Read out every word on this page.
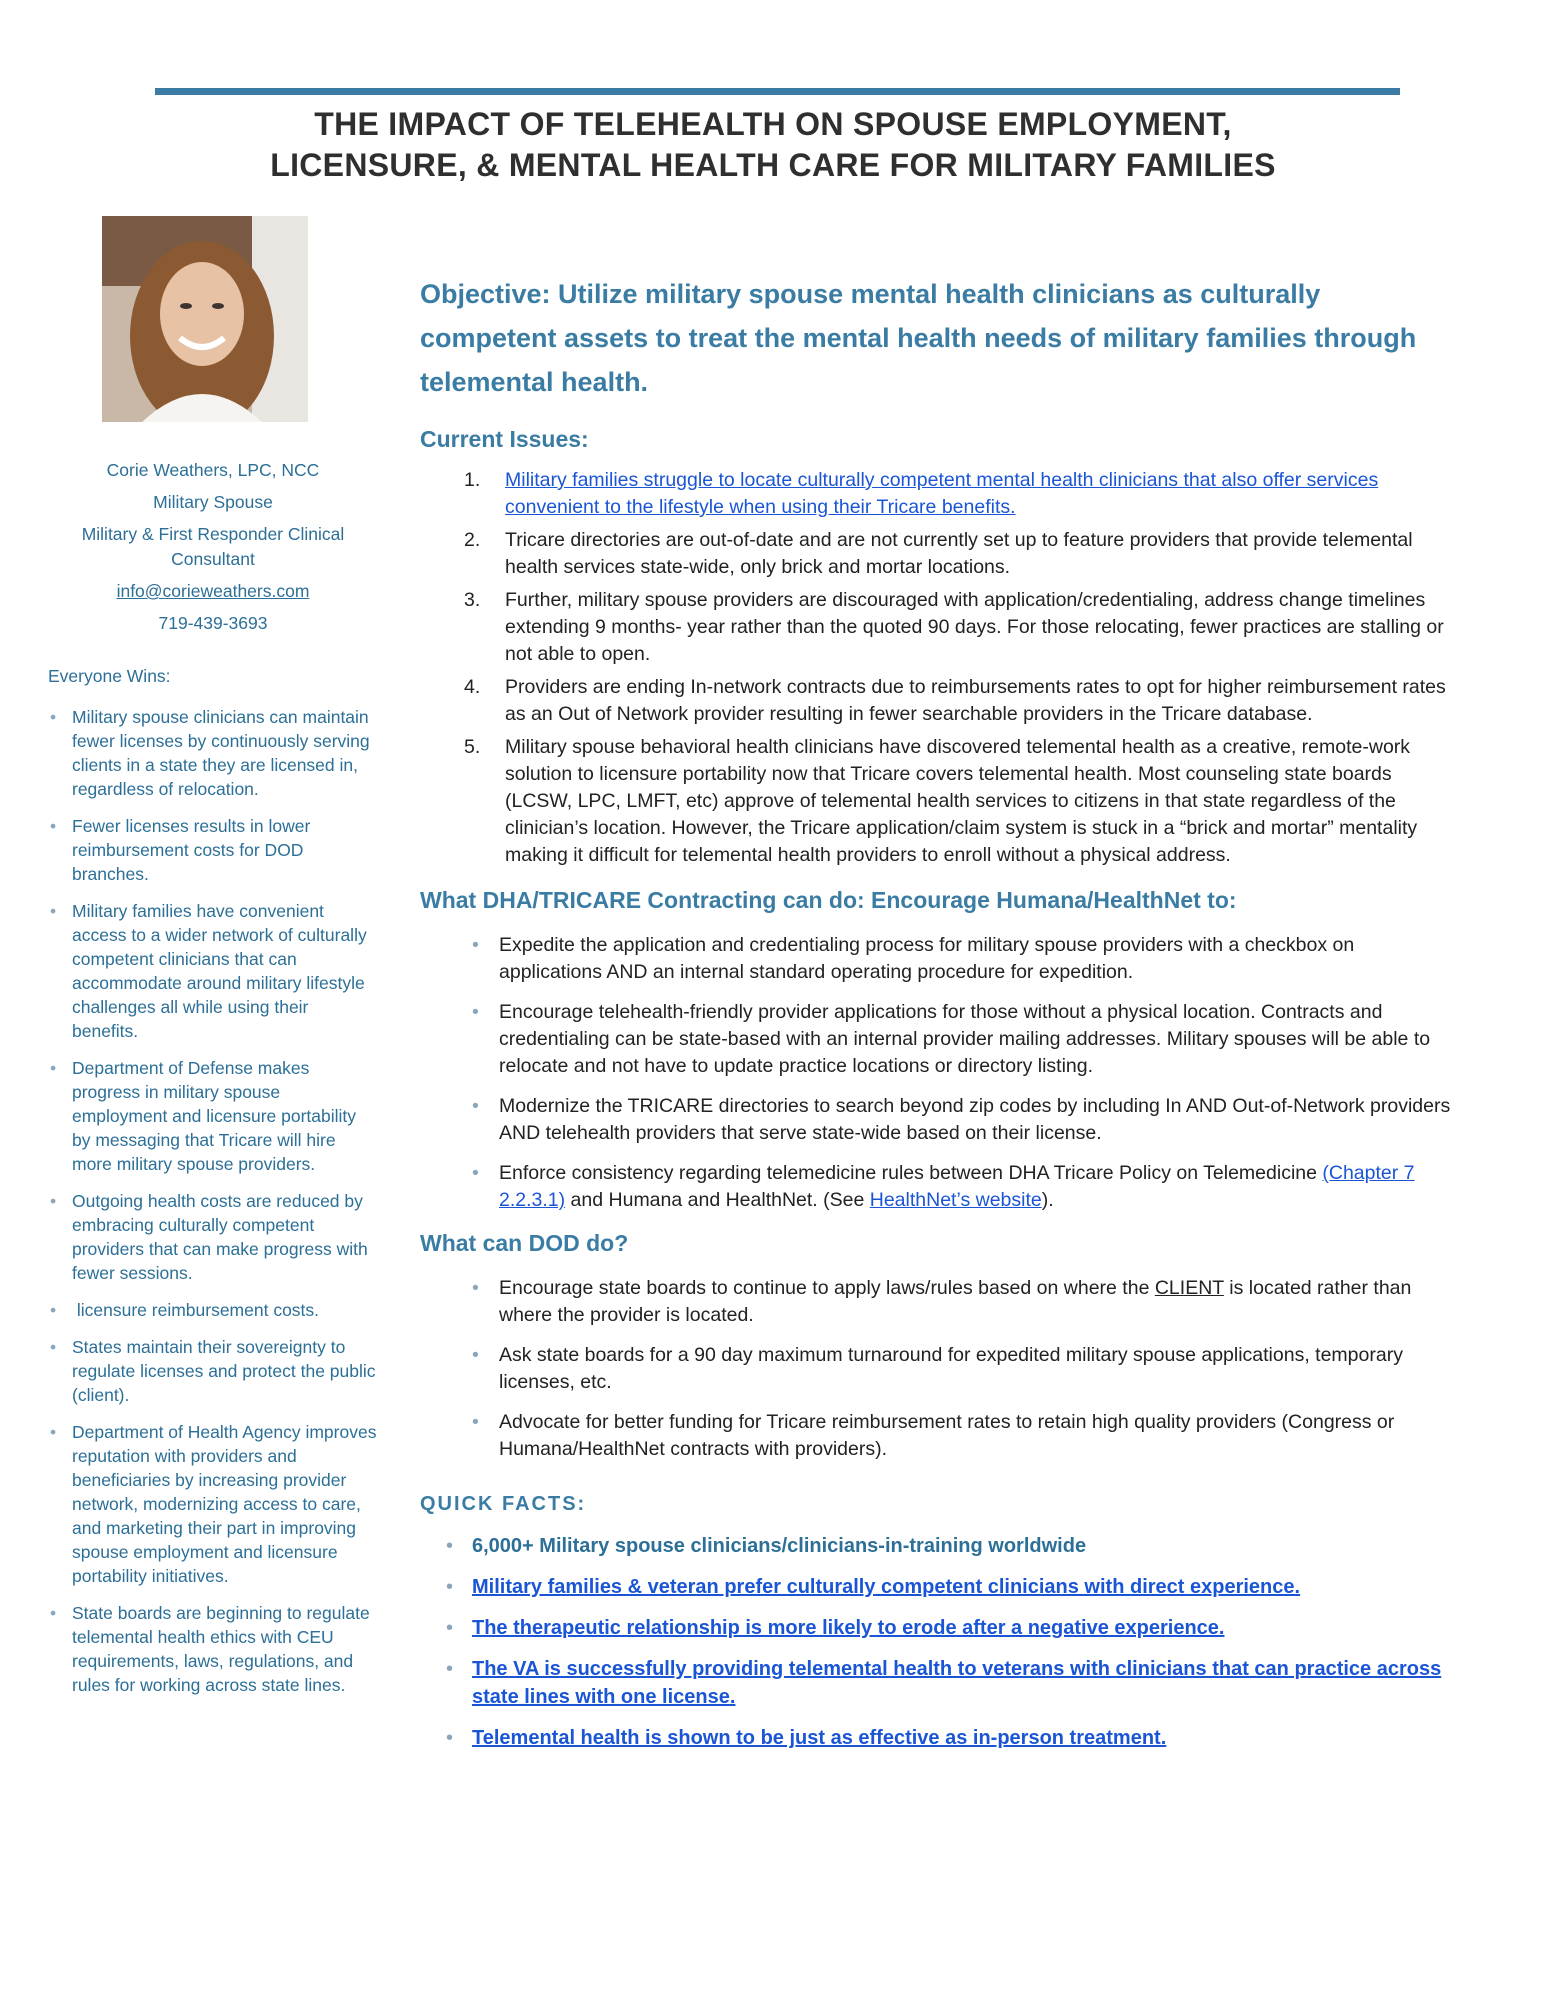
THE IMPACT OF TELEHEALTH ON SPOUSE EMPLOYMENT,
LICENSURE, & MENTAL HEALTH CARE FOR MILITARY FAMILIES
Corie Weathers, LPC, NCC
Military Spouse
Military & First Responder Clinical Consultant
info@corieweathers.com
719-439-3693
Everyone Wins:
• Military spouse clinicians can maintain fewer licenses by continuously serving clients in a state they are licensed in, regardless of relocation.
• Fewer licenses results in lower reimbursement costs for DOD branches.
• Military families have convenient access to a wider network of culturally competent clinicians that can accommodate around military lifestyle challenges all while using their benefits.
• Department of Defense makes progress in military spouse employment and licensure portability by messaging that Tricare will hire more military spouse providers.
• Outgoing health costs are reduced by embracing culturally competent providers that can make progress with fewer sessions.
• licensure reimbursement costs.
• States maintain their sovereignty to regulate licenses and protect the public (client).
• Department of Health Agency improves reputation with providers and beneficiaries by increasing provider network, modernizing access to care, and marketing their part in improving spouse employment and licensure portability initiatives.
• State boards are beginning to regulate telemental health ethics with CEU requirements, laws, regulations, and rules for working across state lines.
Objective: Utilize military spouse mental health clinicians as culturally competent assets to treat the mental health needs of military families through telemental health.
Current Issues:
1. Military families struggle to locate culturally competent mental health clinicians that also offer services convenient to the lifestyle when using their Tricare benefits.
2. Tricare directories are out-of-date and are not currently set up to feature providers that provide telemental health services state-wide, only brick and mortar locations.
3. Further, military spouse providers are discouraged with application/credentialing, address change timelines extending 9 months- year rather than the quoted 90 days. For those relocating, fewer practices are stalling or not able to open.
4. Providers are ending In-network contracts due to reimbursements rates to opt for higher reimbursement rates as an Out of Network provider resulting in fewer searchable providers in the Tricare database.
5. Military spouse behavioral health clinicians have discovered telemental health as a creative, remote-work solution to licensure portability now that Tricare covers telemental health. Most counseling state boards (LCSW, LPC, LMFT, etc) approve of telemental health services to citizens in that state regardless of the clinician’s location. However, the Tricare application/claim system is stuck in a “brick and mortar” mentality making it difficult for telemental health providers to enroll without a physical address.
What DHA/TRICARE Contracting can do: Encourage Humana/HealthNet to:
• Expedite the application and credentialing process for military spouse providers with a checkbox on applications AND an internal standard operating procedure for expedition.
• Encourage telehealth-friendly provider applications for those without a physical location. Contracts and credentialing can be state-based with an internal provider mailing addresses. Military spouses will be able to relocate and not have to update practice locations or directory listing.
• Modernize the TRICARE directories to search beyond zip codes by including In AND Out-of-Network providers AND telehealth providers that serve state-wide based on their license.
• Enforce consistency regarding telemedicine rules between DHA Tricare Policy on Telemedicine (Chapter 7 2.2.3.1) and Humana and HealthNet. (See HealthNet’s website).
What can DOD do?
• Encourage state boards to continue to apply laws/rules based on where the CLIENT is located rather than where the provider is located.
• Ask state boards for a 90 day maximum turnaround for expedited military spouse applications, temporary licenses, etc.
• Advocate for better funding for Tricare reimbursement rates to retain high quality providers (Congress or Humana/HealthNet contracts with providers).
QUICK FACTS:
• 6,000+ Military spouse clinicians/clinicians-in-training worldwide
• Military families & veteran prefer culturally competent clinicians with direct experience.
• The therapeutic relationship is more likely to erode after a negative experience.
• The VA is successfully providing telemental health to veterans with clinicians that can practice across state lines with one license.
• Telemental health is shown to be just as effective as in-person treatment.
